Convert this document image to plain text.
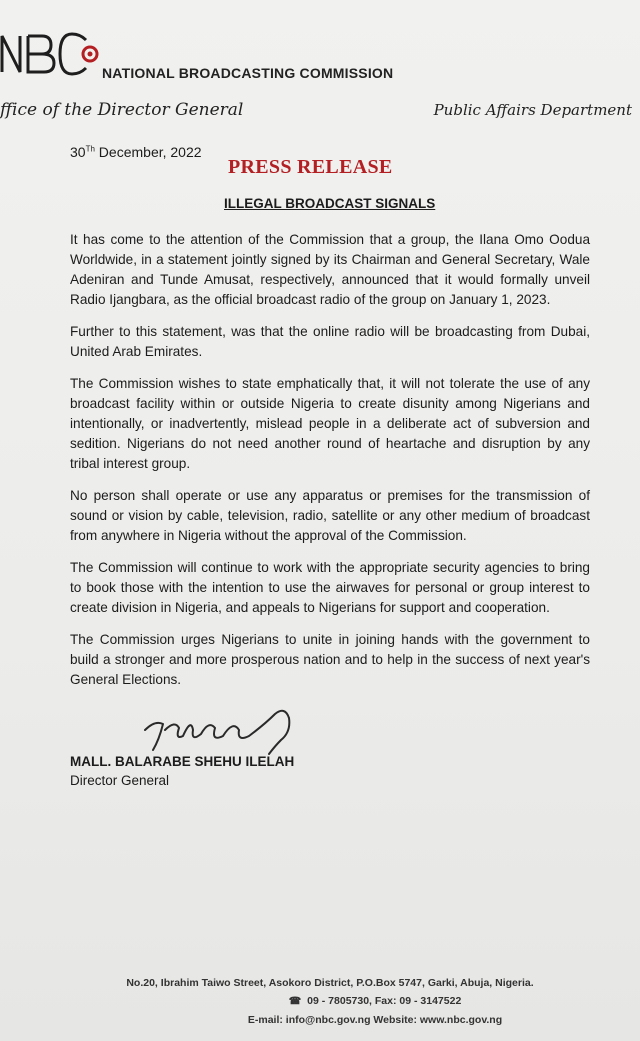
NATIONAL BROADCASTING COMMISSION
ffice of the Director General	Public Affairs Department
30Th December, 2022
PRESS RELEASE
ILLEGAL BROADCAST SIGNALS

It has come to the attention of the Commission that a group, the Ilana Omo Oodua Worldwide, in a statement jointly signed by its Chairman and General Secretary, Wale Adeniran and Tunde Amusat, respectively, announced that it would formally unveil Radio Ijangbara, as the official broadcast radio of the group on January 1, 2023.

Further to this statement, was that the online radio will be broadcasting from Dubai, United Arab Emirates.

The Commission wishes to state emphatically that, it will not tolerate the use of any broadcast facility within or outside Nigeria to create disunity among Nigerians and intentionally, or inadvertently, mislead people in a deliberate act of subversion and sedition. Nigerians do not need another round of heartache and disruption by any tribal interest group.

No person shall operate or use any apparatus or premises for the transmission of sound or vision by cable, television, radio, satellite or any other medium of broadcast from anywhere in Nigeria without the approval of the Commission.

The Commission will continue to work with the appropriate security agencies to bring to book those with the intention to use the airwaves for personal or group interest to create division in Nigeria, and appeals to Nigerians for support and cooperation.

The Commission urges Nigerians to unite in joining hands with the government to build a stronger and more prosperous nation and to help in the success of next year's General Elections.

MALL. BALARABE SHEHU ILELAH
Director General
No.20, Ibrahim Taiwo Street, Asokoro District, P.O.Box 5747, Garki, Abuja, Nigeria.
☎ 09 - 7805730, Fax: 09 - 3147522
E-mail: info@nbc.gov.ng Website: www.nbc.gov.ng
